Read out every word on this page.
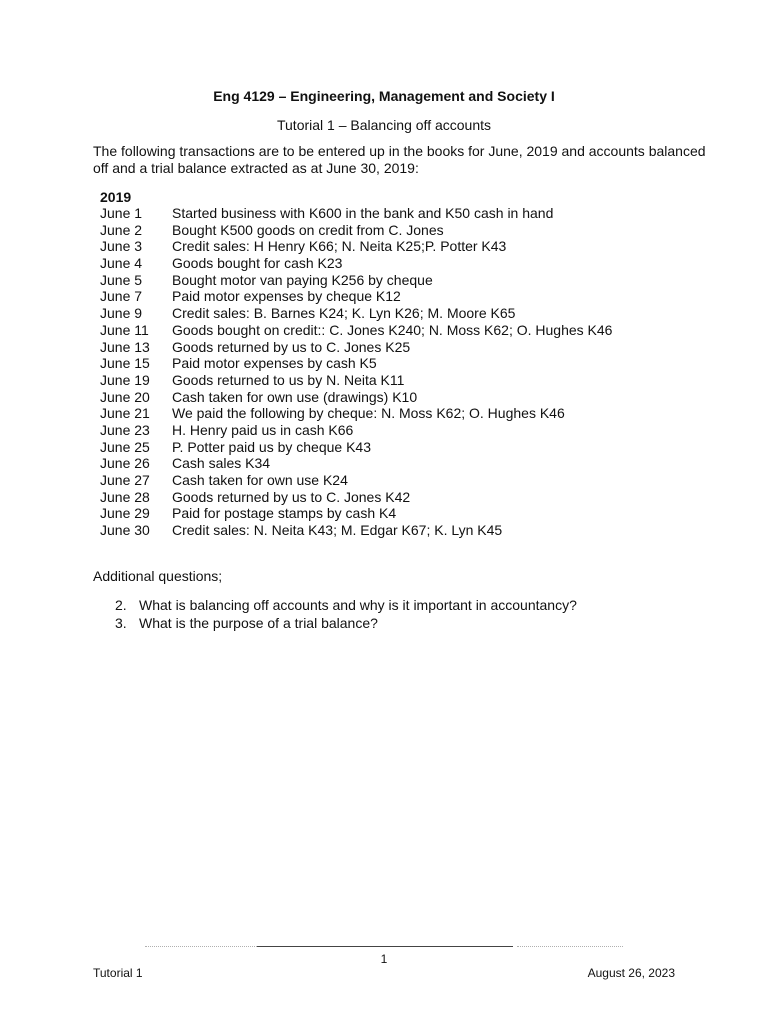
Eng 4129 – Engineering, Management and Society I
Tutorial 1 – Balancing off accounts
The following transactions are to be entered up in the books for June, 2019 and accounts balanced off and a trial balance extracted as at June 30, 2019:
2019
June 1	Started business with K600 in the bank and K50 cash in hand
June 2	Bought K500 goods on credit from C. Jones
June 3	Credit sales: H Henry K66; N. Neita K25;P. Potter K43
June 4	Goods bought for cash K23
June 5	Bought motor van paying K256 by cheque
June 7	Paid motor expenses by cheque K12
June 9	Credit sales: B. Barnes K24; K. Lyn K26; M. Moore K65
June 11	Goods bought on credit:: C. Jones K240; N. Moss K62; O. Hughes K46
June 13	Goods returned by us to C. Jones K25
June 15	Paid motor expenses by cash K5
June 19	Goods returned to us by N. Neita K11
June 20	Cash taken for own use (drawings) K10
June 21	We paid the following by cheque: N. Moss K62; O. Hughes K46
June 23	H. Henry paid us in cash K66
June 25	P. Potter paid us by cheque K43
June 26	Cash sales K34
June 27	Cash taken for own use K24
June 28	Goods returned by us to C. Jones K42
June 29	Paid for postage stamps by cash K4
June 30	Credit sales: N. Neita K43; M. Edgar K67; K. Lyn K45
Additional questions;
2. What is balancing off accounts and why is it important in accountancy?
3. What is the purpose of a trial balance?
1
Tutorial 1	August 26, 2023
